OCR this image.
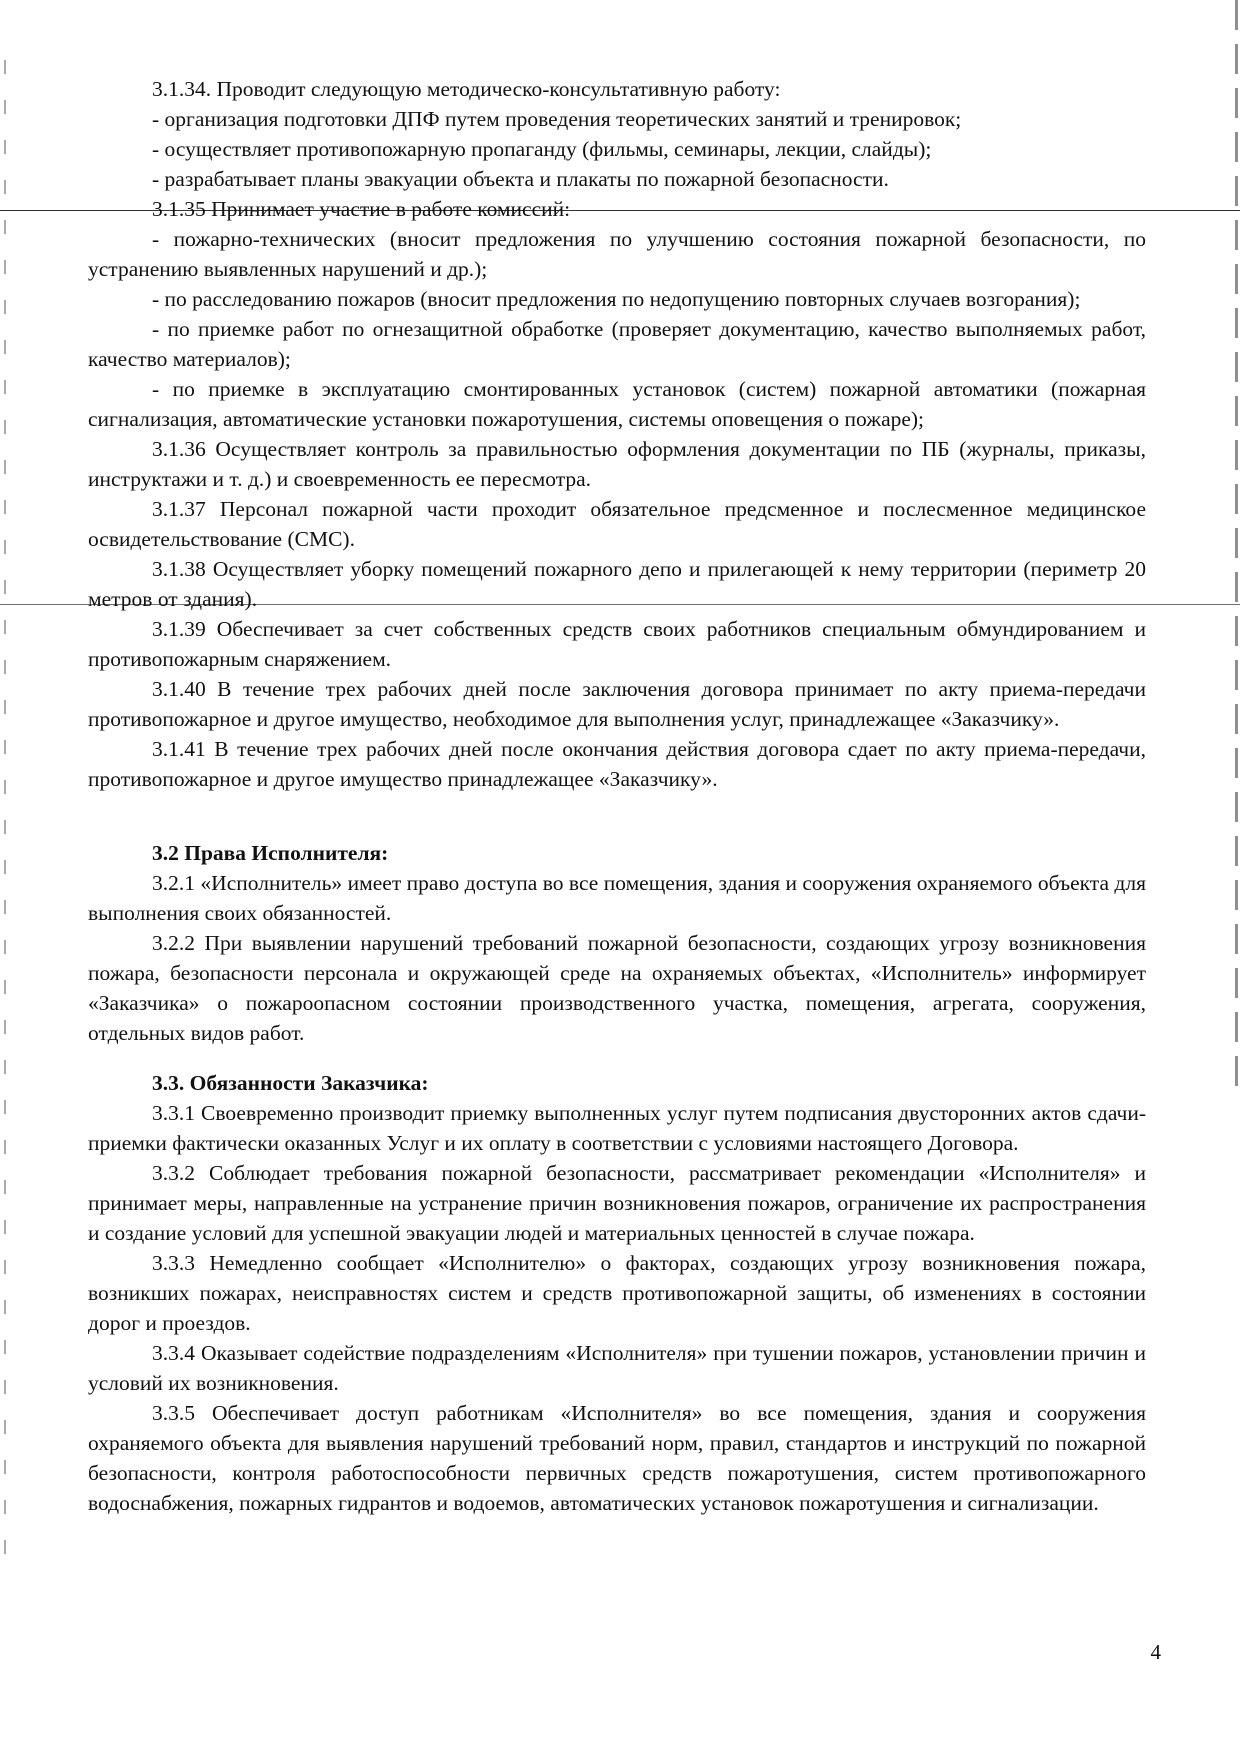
3.1.34. Проводит следующую методическо-консультативную работу:

- организация подготовки ДПФ путем проведения теоретических занятий и тренировок;

- осуществляет противопожарную пропаганду (фильмы, семинары, лекции, слайды);

- разрабатывает планы эвакуации объекта и плакаты по пожарной безопасности.

3.1.35 Принимает участие в работе комиссий:

- пожарно-технических (вносит предложения по улучшению состояния пожарной безопасности, по устранению выявленных нарушений и др.);

- по расследованию пожаров (вносит предложения по недопущению повторных случаев возгорания);

- по приемке работ по огнезащитной обработке (проверяет документацию, качество выполняемых работ, качество материалов);

- по приемке в эксплуатацию смонтированных установок (систем) пожарной автоматики (пожарная сигнализация, автоматические установки пожаротушения, системы оповещения о пожаре);

3.1.36 Осуществляет контроль за правильностью оформления документации по ПБ (журналы, приказы, инструктажи и т. д.) и своевременность ее пересмотра.

3.1.37 Персонал пожарной части проходит обязательное предсменное и послесменное медицинское освидетельствование (СМС).

3.1.38 Осуществляет уборку помещений пожарного депо и прилегающей к нему территории (периметр 20 метров от здания).

3.1.39 Обеспечивает за счет собственных средств своих работников специальным обмундированием и противопожарным снаряжением.

3.1.40 В течение трех рабочих дней после заключения договора принимает по акту приема-передачи противопожарное и другое имущество, необходимое для выполнения услуг, принадлежащее «Заказчику».

3.1.41 В течение трех рабочих дней после окончания действия договора сдает по акту приема-передачи, противопожарное и другое имущество принадлежащее «Заказчику».

3.2 Права Исполнителя:

3.2.1 «Исполнитель» имеет право доступа во все помещения, здания и сооружения охраняемого объекта для выполнения своих обязанностей.

3.2.2 При выявлении нарушений требований пожарной безопасности, создающих угрозу возникновения пожара, безопасности персонала и окружающей среде на охраняемых объектах, «Исполнитель» информирует «Заказчика» о пожароопасном состоянии производственного участка, помещения, агрегата, сооружения, отдельных видов работ.

3.3. Обязанности Заказчика:

3.3.1 Своевременно производит приемку выполненных услуг путем подписания двусторонних актов сдачи-приемки фактически оказанных Услуг и их оплату в соответствии с условиями настоящего Договора.

3.3.2 Соблюдает требования пожарной безопасности, рассматривает рекомендации «Исполнителя» и принимает меры, направленные на устранение причин возникновения пожаров, ограничение их распространения и создание условий для успешной эвакуации людей и материальных ценностей в случае пожара.

3.3.3 Немедленно сообщает «Исполнителю» о факторах, создающих угрозу возникновения пожара, возникших пожарах, неисправностях систем и средств противопожарной защиты, об изменениях в состоянии дорог и проездов.

3.3.4 Оказывает содействие подразделениям «Исполнителя» при тушении пожаров, установлении причин и условий их возникновения.

3.3.5 Обеспечивает доступ работникам «Исполнителя» во все помещения, здания и сооружения охраняемого объекта для выявления нарушений требований норм, правил, стандартов и инструкций по пожарной безопасности, контроля работоспособности первичных средств пожаротушения, систем противопожарного водоснабжения, пожарных гидрантов и водоемов, автоматических установок пожаротушения и сигнализации.

4
